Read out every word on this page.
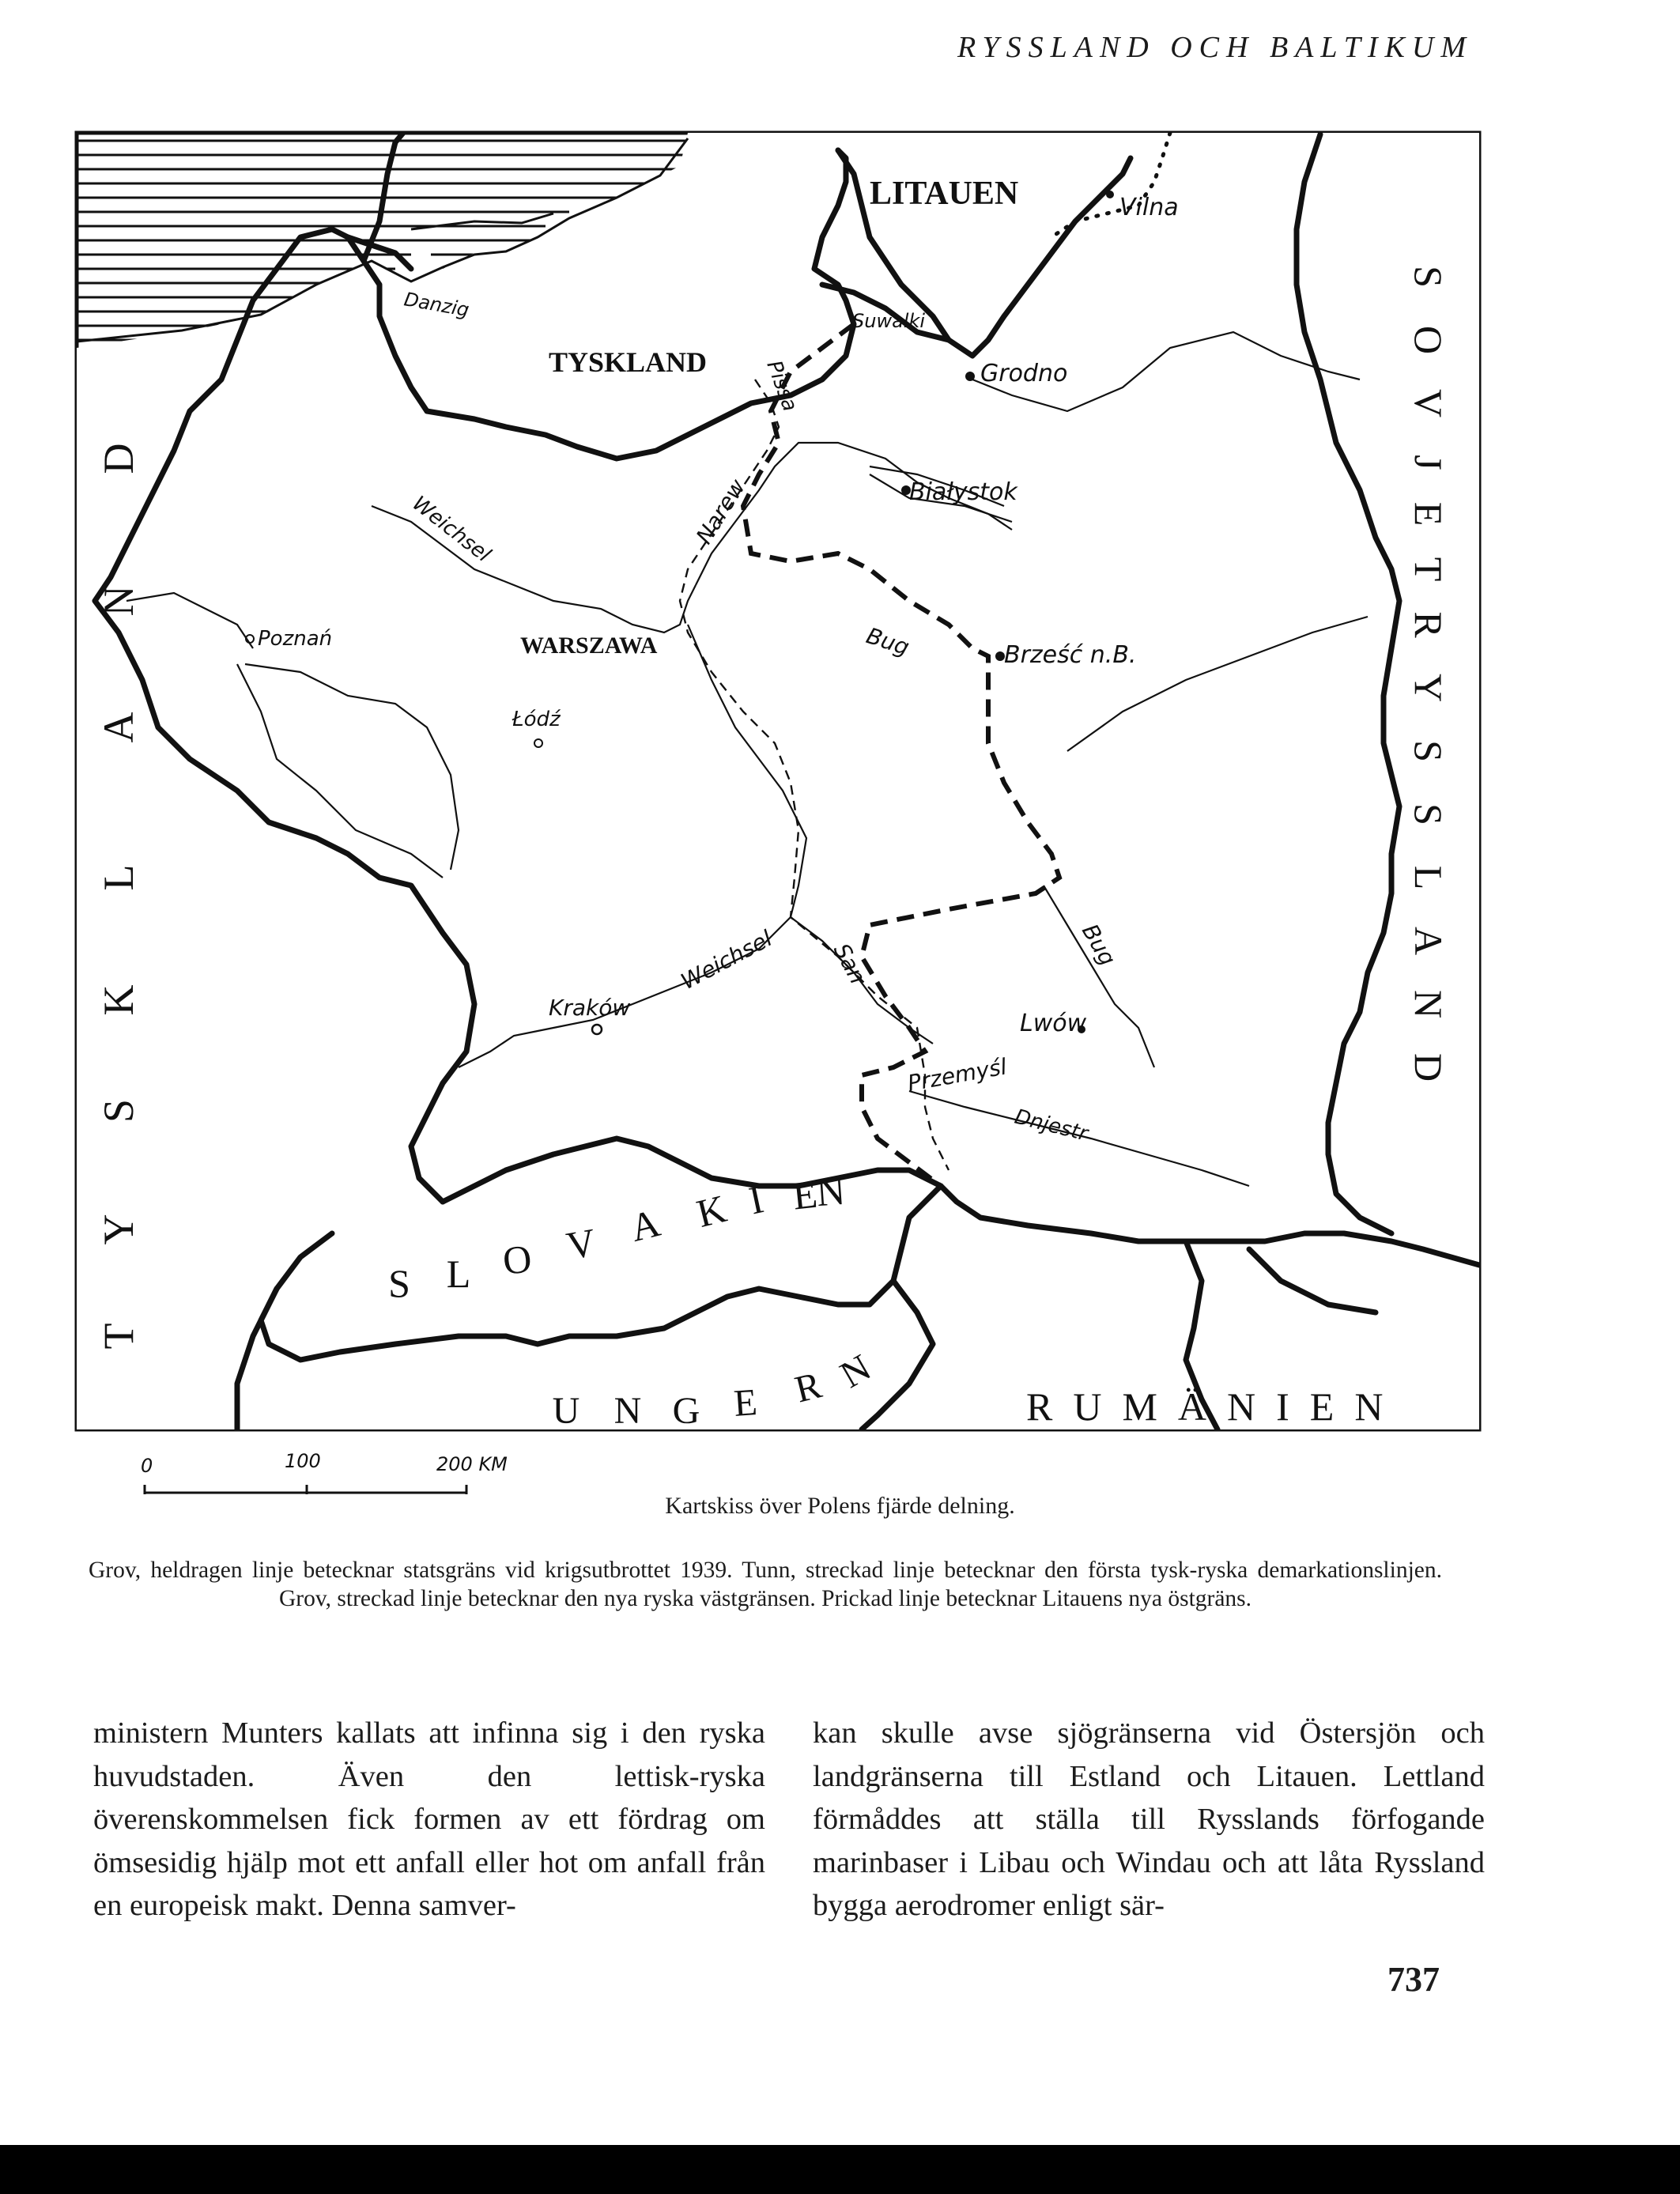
RYSSLAND OCH BALTIKUM
LITAUEN
TYSKLAND
WARSZAWA
RUMÄNIEN
Vilna
Danzig	Suwalki
Grodno
Pissa
Narew	Białystok
Weichsel
Poznań	Bug	Brześć n.B.
Łódź
Weichsel
Kraków
San	Bug
Lwów
Przemyśl
Dnjestr
T
Y
S
K
L
A
N
D
S
O
V
J
E
T
R
Y
S
S
L
A
N
D
S L O V A K I E
N
U N G E R N
0	100	200 KM
Kartskiss över Polens fjärde delning.
Grov, heldragen linje betecknar statsgräns vid krigsutbrottet 1939. Tunn, streckad linje betecknar den första tysk-ryska demarkationslinjen. Grov, streckad linje betecknar den nya ryska västgränsen. Prickad linje betecknar Litauens nya östgräns.
ministern Munters kallats att infinna sig i den ryska huvudstaden. Även den lettisk-ryska överenskommelsen fick formen av ett fördrag om ömsesidig hjälp mot ett anfall eller hot om anfall från en europeisk makt. Denna samver-
kan skulle avse sjögränserna vid Östersjön och landgränserna till Estland och Litauen. Lettland förmåddes att ställa till Rysslands förfogande marinbaser i Libau och Windau och att låta Ryssland bygga aerodromer enligt sär-
737
